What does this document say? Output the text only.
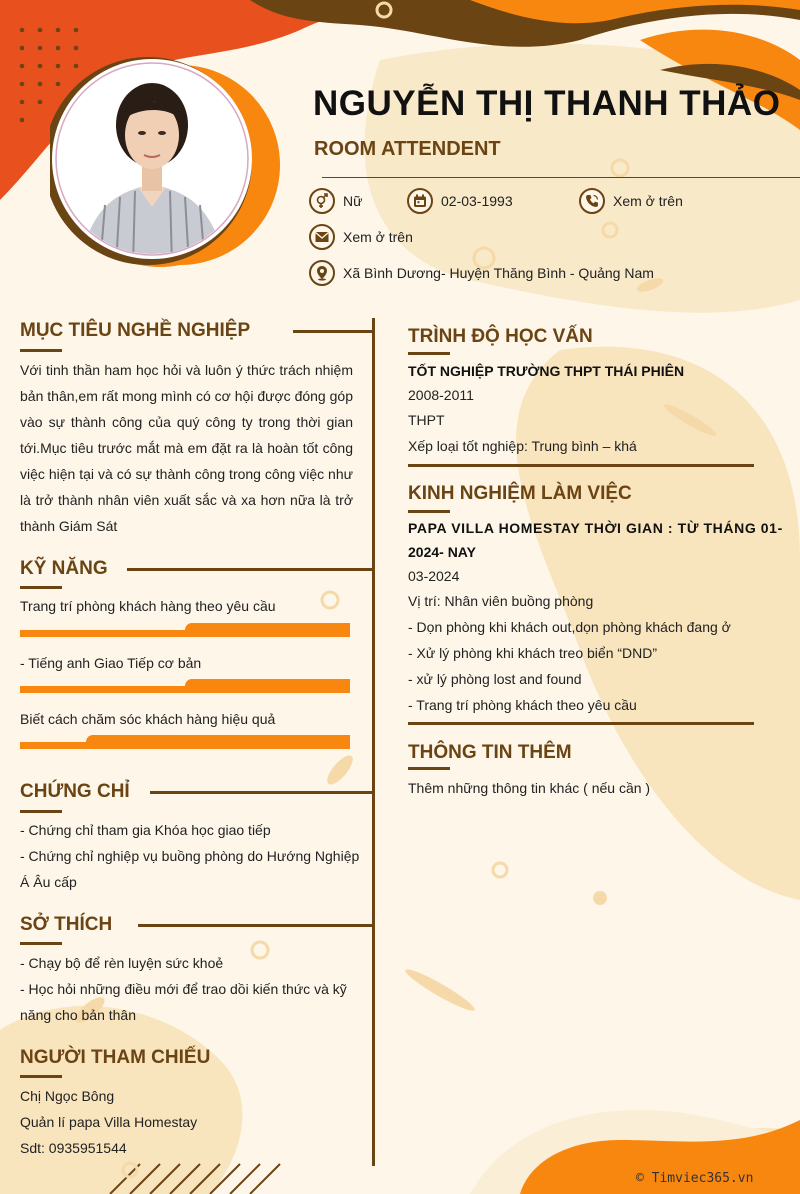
NGUYỄN THỊ THANH THẢO
ROOM ATTENDENT
Nữ	02-03-1993	Xem ở trên
Xem ở trên
Xã Bình Dương- Huyện Thăng Bình - Quảng Nam
MỤC TIÊU NGHỀ NGHIỆP
Với tinh thần ham học hỏi và luôn ý thức trách nhiệm bản thân,em rất mong mình có cơ hội được đóng góp vào sự thành công của quý công ty trong thời gian tới.Mục tiêu trước mắt mà em đặt ra là hoàn tốt công việc hiện tại và có sự thành công trong công việc như là trở thành nhân viên xuất sắc và xa hơn nữa là trở thành Giám Sát
KỸ NĂNG
Trang trí phòng khách hàng theo yêu cầu
- Tiếng anh Giao Tiếp cơ bản
Biết cách chăm sóc khách hàng hiệu quả
CHỨNG CHỈ
- Chứng chỉ tham gia Khóa học giao tiếp
- Chứng chỉ nghiệp vụ buồng phòng do Hướng Nghiệp
Á Âu cấp
SỞ THÍCH
- Chạy bộ để rèn luyện sức khoẻ
- Học hỏi những điều mới để trao dồi kiến thức và kỹ
năng cho bản thân
NGƯỜI THAM CHIẾU
Chị Ngọc Bông
Quản lí papa Villa Homestay
Sdt: 0935951544
TRÌNH ĐỘ HỌC VẤN
TỐT NGHIỆP TRƯỜNG THPT THÁI PHIÊN
2008-2011
THPT
Xếp loại tốt nghiệp: Trung bình – khá
KINH NGHIỆM LÀM VIỆC
PAPA VILLA HOMESTAY THỜI GIAN : TỪ THÁNG 01-
2024- NAY
03-2024
Vị trí: Nhân viên buồng phòng
- Dọn phòng khi khách out,dọn phòng khách đang ở
- Xử lý phòng khi khách treo biển “DND”
- xử lý phòng lost and found
- Trang trí phòng khách theo yêu cầu
THÔNG TIN THÊM
Thêm những thông tin khác ( nếu cần )
© Timviec365.vn
